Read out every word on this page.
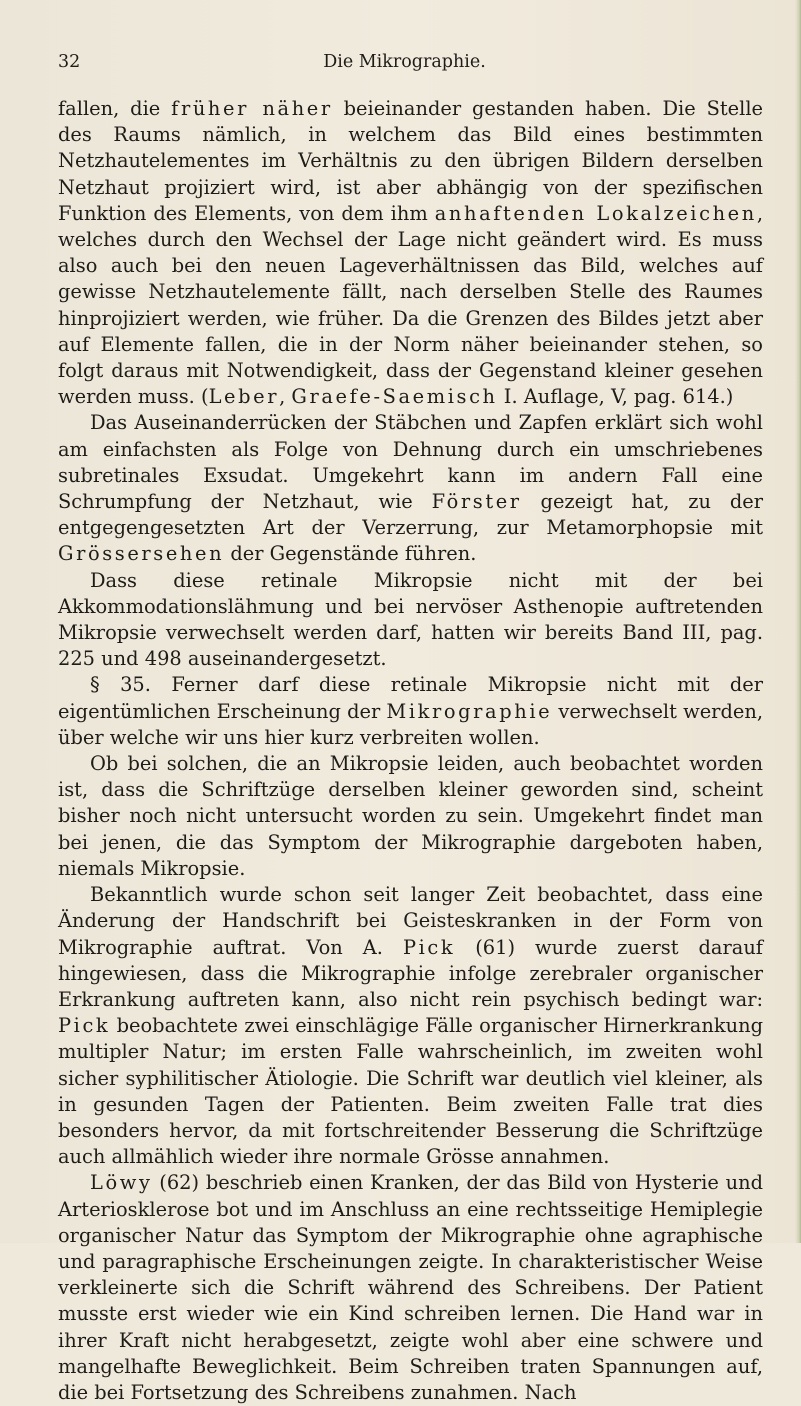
32	Die Mikrographie.

fallen, die früher näher beieinander gestanden haben. Die Stelle des Raums nämlich, in welchem das Bild eines bestimmten Netzhautelementes im Verhältnis zu den übrigen Bildern derselben Netzhaut projiziert wird, ist aber abhängig von der spezifischen Funktion des Elements, von dem ihm anhaftenden Lokalzeichen, welches durch den Wechsel der Lage nicht geändert wird. Es muss also auch bei den neuen Lageverhältnissen das Bild, welches auf gewisse Netzhautelemente fällt, nach derselben Stelle des Raumes hinprojiziert werden, wie früher. Da die Grenzen des Bildes jetzt aber auf Elemente fallen, die in der Norm näher beieinander stehen, so folgt daraus mit Notwendigkeit, dass der Gegenstand kleiner gesehen werden muss. (Leber, Graefe-Saemisch I. Auflage, V, pag. 614.)

Das Auseinanderrücken der Stäbchen und Zapfen erklärt sich wohl am einfachsten als Folge von Dehnung durch ein umschriebenes subretinales Exsudat. Umgekehrt kann im andern Fall eine Schrumpfung der Netzhaut, wie Förster gezeigt hat, zu der entgegengesetzten Art der Verzerrung, zur Metamorphopsie mit Grössersehen der Gegenstände führen.

Dass diese retinale Mikropsie nicht mit der bei Akkommodationslähmung und bei nervöser Asthenopie auftretenden Mikropsie verwechselt werden darf, hatten wir bereits Band III, pag. 225 und 498 auseinandergesetzt.

§ 35. Ferner darf diese retinale Mikropsie nicht mit der eigentümlichen Erscheinung der Mikrographie verwechselt werden, über welche wir uns hier kurz verbreiten wollen.

Ob bei solchen, die an Mikropsie leiden, auch beobachtet worden ist, dass die Schriftzüge derselben kleiner geworden sind, scheint bisher noch nicht untersucht worden zu sein. Umgekehrt findet man bei jenen, die das Symptom der Mikrographie dargeboten haben, niemals Mikropsie.

Bekanntlich wurde schon seit langer Zeit beobachtet, dass eine Änderung der Handschrift bei Geisteskranken in der Form von Mikrographie auftrat. Von A. Pick (61) wurde zuerst darauf hingewiesen, dass die Mikrographie infolge zerebraler organischer Erkrankung auftreten kann, also nicht rein psychisch bedingt war: Pick beobachtete zwei einschlägige Fälle organischer Hirnerkrankung multipler Natur; im ersten Falle wahrscheinlich, im zweiten wohl sicher syphilitischer Ätiologie. Die Schrift war deutlich viel kleiner, als in gesunden Tagen der Patienten. Beim zweiten Falle trat dies besonders hervor, da mit fortschreitender Besserung die Schriftzüge auch allmählich wieder ihre normale Grösse annahmen.

Löwy (62) beschrieb einen Kranken, der das Bild von Hysterie und Arteriosklerose bot und im Anschluss an eine rechtsseitige Hemiplegie organischer Natur das Symptom der Mikrographie ohne agraphische und paragraphische Erscheinungen zeigte. In charakteristischer Weise verkleinerte sich die Schrift während des Schreibens. Der Patient musste erst wieder wie ein Kind schreiben lernen. Die Hand war in ihrer Kraft nicht herabgesetzt, zeigte wohl aber eine schwere und mangelhafte Beweglichkeit. Beim Schreiben traten Spannungen auf, die bei Fortsetzung des Schreibens zunahmen. Nach
